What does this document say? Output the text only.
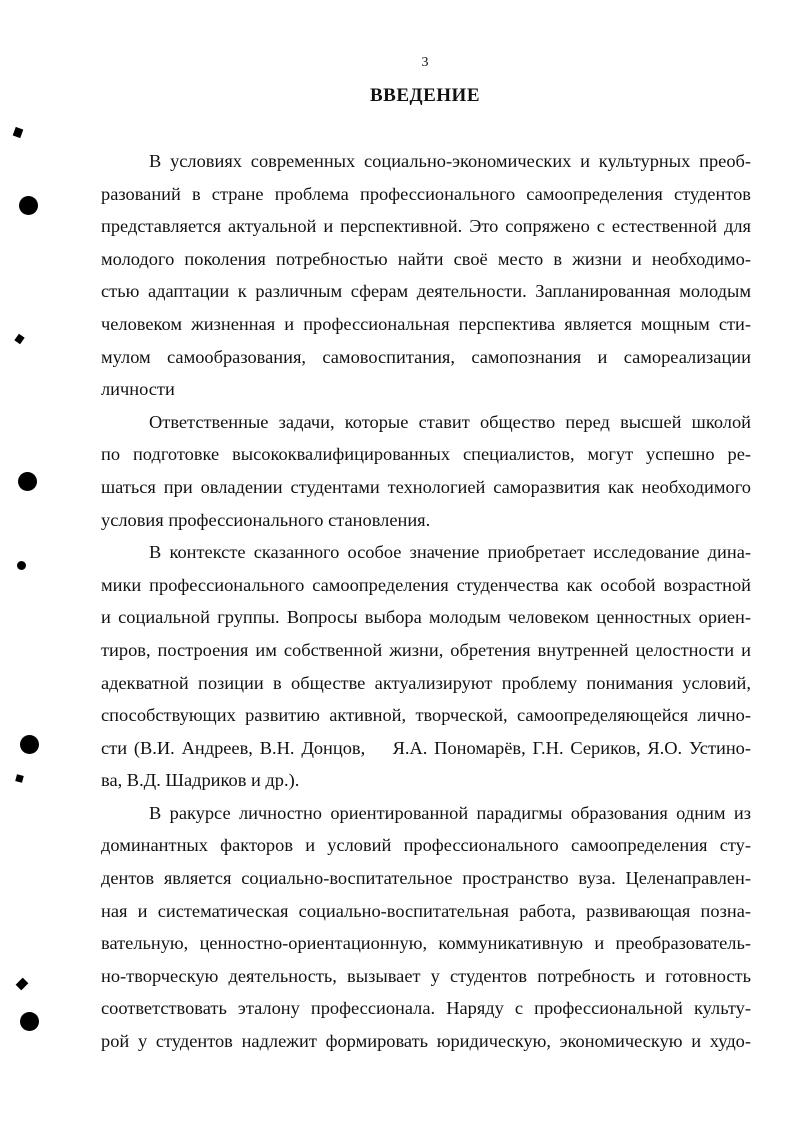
3
ВВЕДЕНИЕ
В условиях современных социально-экономических и культурных преоб-
разований в стране проблема профессионального самоопределения студентов
представляется актуальной и перспективной. Это сопряжено с естественной для
молодого поколения потребностью найти своё место в жизни и необходимо-
стью адаптации к различным сферам деятельности. Запланированная молодым
человеком жизненная и профессиональная перспектива является мощным сти-
мулом самообразования, самовоспитания, самопознания и самореализации
личности
Ответственные задачи, которые ставит общество перед высшей школой
по подготовке высококвалифицированных специалистов, могут успешно ре-
шаться при овладении студентами технологией саморазвития как необходимого
условия профессионального становления.
В контексте сказанного особое значение приобретает исследование дина-
мики профессионального самоопределения студенчества как особой возрастной
и социальной группы. Вопросы выбора молодым человеком ценностных ориен-
тиров, построения им собственной жизни, обретения внутренней целостности и
адекватной позиции в обществе актуализируют проблему понимания условий,
способствующих развитию активной, творческой, самоопределяющейся лично-
сти (В.И. Андреев, В.Н. Донцов,    Я.А. Пономарёв, Г.Н. Сериков, Я.О. Устино-
ва, В.Д. Шадриков и др.).
В ракурсе личностно ориентированной парадигмы образования одним из
доминантных факторов и условий профессионального самоопределения сту-
дентов является социально-воспитательное пространство вуза. Целенаправлен-
ная и систематическая социально-воспитательная работа, развивающая позна-
вательную, ценностно-ориентационную, коммуникативную и преобразователь-
но-творческую деятельность, вызывает у студентов потребность и готовность
соответствовать эталону профессионала. Наряду с профессиональной культу-
рой у студентов надлежит формировать юридическую, экономическую и худо-
